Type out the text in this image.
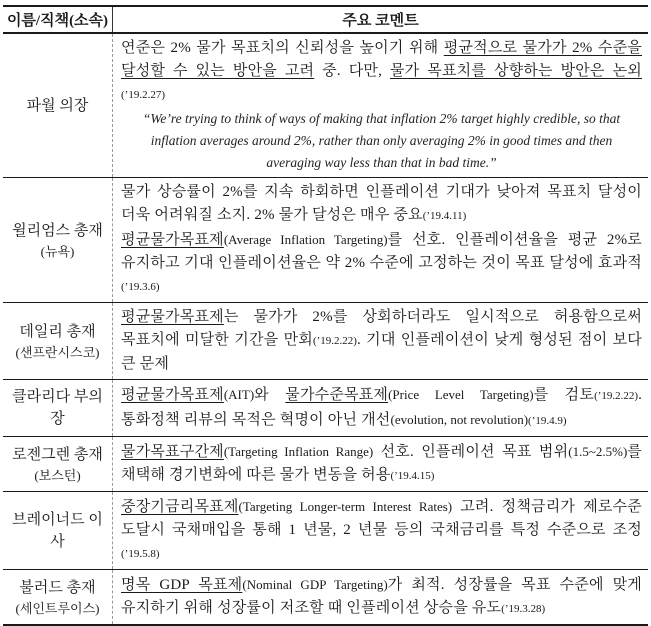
이름/직책(소속)	주요 코멘트
파월 의장

연준은 2% 물가 목표치의 신뢰성을 높이기 위해 평균적으로 물가가 2% 수준을 달성할 수 있는 방안을 고려 중. 다만, 물가 목표치를 상향하는 방안은 논외(’19.2.27)

“We’re trying to think of ways of making that inflation 2% target highly credible, so that inflation averages around 2%, rather than only averaging 2% in good times and then averaging way less than that in bad time.”

윌리엄스 총재
(뉴욕)

물가 상승률이 2%를 지속 하회하면 인플레이션 기대가 낮아져 목표치 달성이 더욱 어려워질 소지. 2% 물가 달성은 매우 중요(’19.4.11)

평균물가목표제(Average Inflation Targeting)를 선호. 인플레이션율을 평균 2%로 유지하고 기대 인플레이션율은 약 2% 수준에 고정하는 것이 목표 달성에 효과적(’19.3.6)

데일리 총재
(샌프란시스코)

평균물가목표제는 물가가 2%를 상회하더라도 일시적으로 허용함으로써 목표치에 미달한 기간을 만회(’19.2.22). 기대 인플레이션이 낮게 형성된 점이 보다 큰 문제

클라리다 부의장

평균물가목표제(AIT)와 물가수준목표제(Price Level Targeting)를 검토(’19.2.22). 통화정책 리뷰의 목적은 혁명이 아닌 개선(evolution, not revolution)(’19.4.9)

로젠그렌 총재
(보스턴)

물가목표구간제(Targeting Inflation Range) 선호. 인플레이션 목표 범위(1.5~2.5%)를 채택해 경기변화에 따른 물가 변동을 허용(’19.4.15)

브레이너드 이사

중장기금리목표제(Targeting Longer-term Interest Rates) 고려. 정책금리가 제로수준 도달시 국채매입을 통해 1 년물, 2 년물 등의 국채금리를 특정 수준으로 조정(’19.5.8)

불러드 총재
(세인트루이스)

명목 GDP 목표제(Nominal GDP Targeting)가 최적. 성장률을 목표 수준에 맞게 유지하기 위해 성장률이 저조할 때 인플레이션 상승을 유도(’19.3.28)
